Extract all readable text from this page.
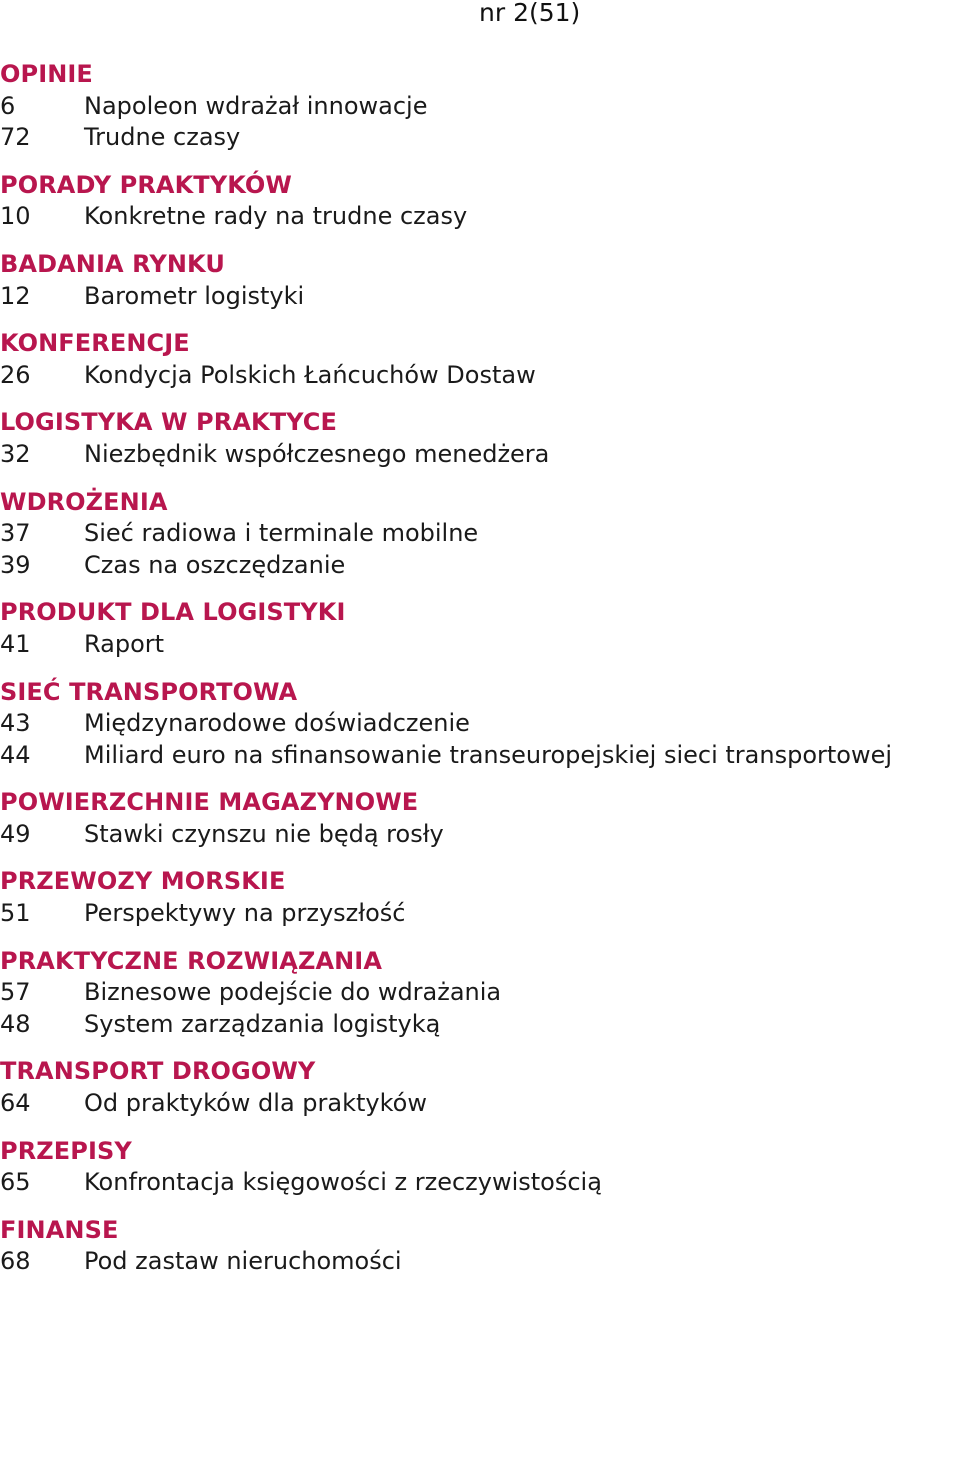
nr 2(51)
OPINIE
6	Napoleon wdrażał innowacje
72	Trudne czasy
PORADY PRAKTYKÓW
10	Konkretne rady na trudne czasy
BADANIA RYNKU
12	Barometr logistyki
KONFERENCJE
26	Kondycja Polskich Łańcuchów Dostaw
LOGISTYKA W PRAKTYCE
32	Niezbędnik współczesnego menedżera
WDROŻENIA
37	Sieć radiowa i terminale mobilne
39	Czas na oszczędzanie
PRODUKT DLA LOGISTYKI
41	Raport
SIEĆ TRANSPORTOWA
43	Międzynarodowe doświadczenie
44	Miliard euro na sfinansowanie transeuropejskiej sieci transportowej
POWIERZCHNIE MAGAZYNOWE
49	Stawki czynszu nie będą rosły
PRZEWOZY MORSKIE
51	Perspektywy na przyszłość
PRAKTYCZNE ROZWIĄZANIA
57	Biznesowe podejście do wdrażania
48	System zarządzania logistyką
TRANSPORT DROGOWY
64	Od praktyków dla praktyków
PRZEPISY
65	Konfrontacja księgowości z rzeczywistością
FINANSE
68	Pod zastaw nieruchomości
